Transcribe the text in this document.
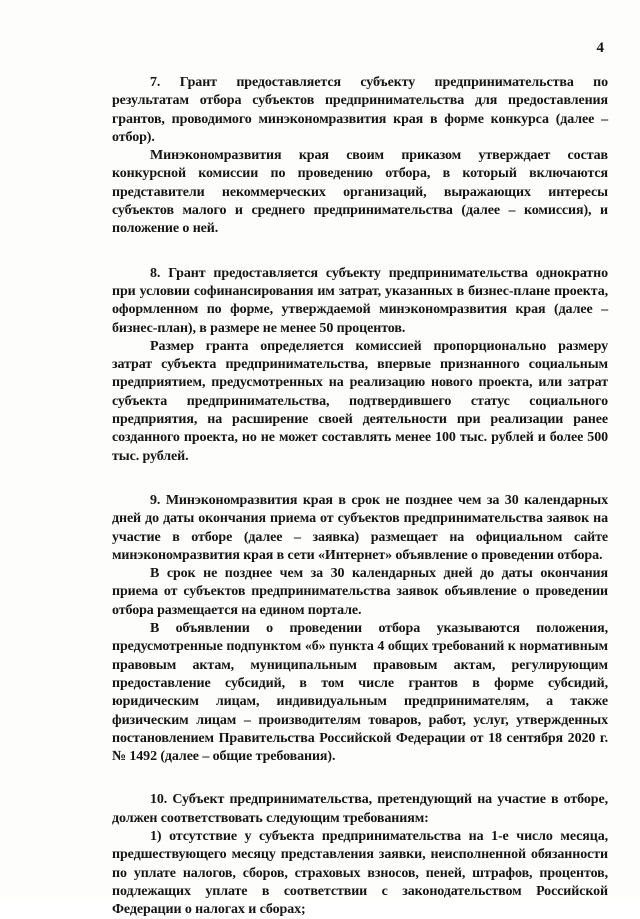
4

7. Грант предоставляется субъекту предпринимательства по результатам отбора субъектов предпринимательства для предоставления грантов, проводимого минэкономразвития края в форме конкурса (далее – отбор).

Минэкономразвития края своим приказом утверждает состав конкурсной комиссии по проведению отбора, в который включаются представители некоммерческих организаций, выражающих интересы субъектов малого и среднего предпринимательства (далее – комиссия), и положение о ней.

8. Грант предоставляется субъекту предпринимательства однократно при условии софинансирования им затрат, указанных в бизнес-плане проекта, оформленном по форме, утверждаемой минэкономразвития края (далее – бизнес-план), в размере не менее 50 процентов.

Размер гранта определяется комиссией пропорционально размеру затрат субъекта предпринимательства, впервые признанного социальным предприятием, предусмотренных на реализацию нового проекта, или затрат субъекта предпринимательства, подтвердившего статус социального предприятия, на расширение своей деятельности при реализации ранее созданного проекта, но не может составлять менее 100 тыс. рублей и более 500 тыс. рублей.

9. Минэкономразвития края в срок не позднее чем за 30 календарных дней до даты окончания приема от субъектов предпринимательства заявок на участие в отборе (далее – заявка) размещает на официальном сайте минэкономразвития края в сети «Интернет» объявление о проведении отбора.

В срок не позднее чем за 30 календарных дней до даты окончания приема от субъектов предпринимательства заявок объявление о проведении отбора размещается на едином портале.

В объявлении о проведении отбора указываются положения, предусмотренные подпунктом «б» пункта 4 общих требований к нормативным правовым актам, муниципальным правовым актам, регулирующим предоставление субсидий, в том числе грантов в форме субсидий, юридическим лицам, индивидуальным предпринимателям, а также физическим лицам – производителям товаров, работ, услуг, утвержденных постановлением Правительства Российской Федерации от 18 сентября 2020 г. № 1492 (далее – общие требования).

10. Субъект предпринимательства, претендующий на участие в отборе, должен соответствовать следующим требованиям:

1) отсутствие у субъекта предпринимательства на 1-е число месяца, предшествующего месяцу представления заявки, неисполненной обязанности по уплате налогов, сборов, страховых взносов, пеней, штрафов, процентов, подлежащих уплате в соответствии с законодательством Российской Федерации о налогах и сборах;
